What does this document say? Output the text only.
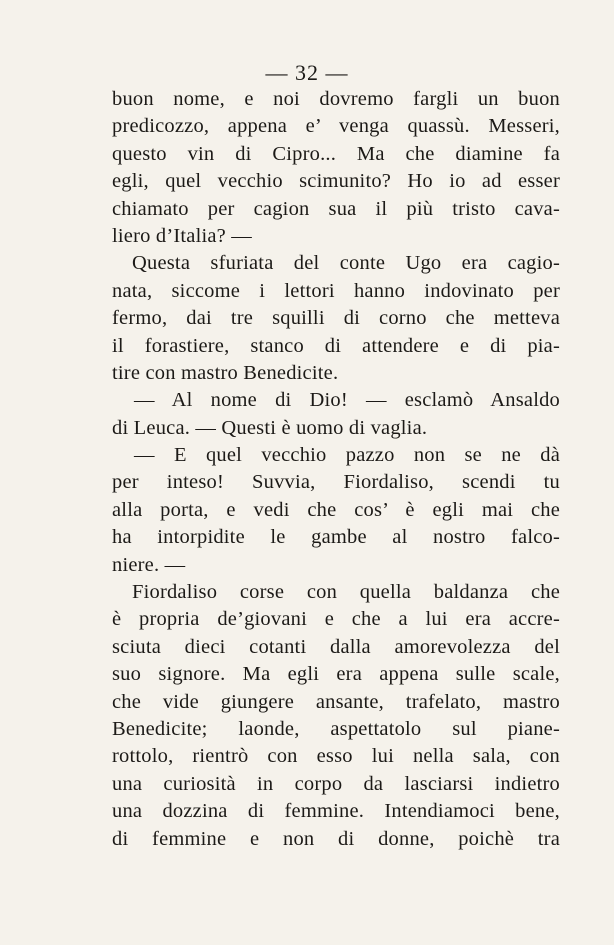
— 32 —
buon nome, e noi dovremo fargli un buon
predicozzo, appena e’ venga quassù. Messeri,
questo vin di Cipro... Ma che diamine fa
egli, quel vecchio scimunito? Ho io ad esser
chiamato per cagion sua il più tristo cava-
liero d’Italia? —
Questa sfuriata del conte Ugo era cagio-
nata, siccome i lettori hanno indovinato per
fermo, dai tre squilli di corno che metteva
il forastiere, stanco di attendere e di pia-
tire con mastro Benedicite.
— Al nome di Dio! — esclamò Ansaldo
di Leuca. — Questi è uomo di vaglia.
— E quel vecchio pazzo non se ne dà
per inteso! Suvvia, Fiordaliso, scendi tu
alla porta, e vedi che cos’ è egli mai che
ha intorpidite le gambe al nostro falco-
niere. —
Fiordaliso corse con quella baldanza che
è propria de’giovani e che a lui era accre-
sciuta dieci cotanti dalla amorevolezza del
suo signore. Ma egli era appena sulle scale,
che vide giungere ansante, trafelato, mastro
Benedicite; laonde, aspettatolo sul piane-
rottolo, rientrò con esso lui nella sala, con
una curiosità in corpo da lasciarsi indietro
una dozzina di femmine. Intendiamoci bene,
di femmine e non di donne, poichè tra
